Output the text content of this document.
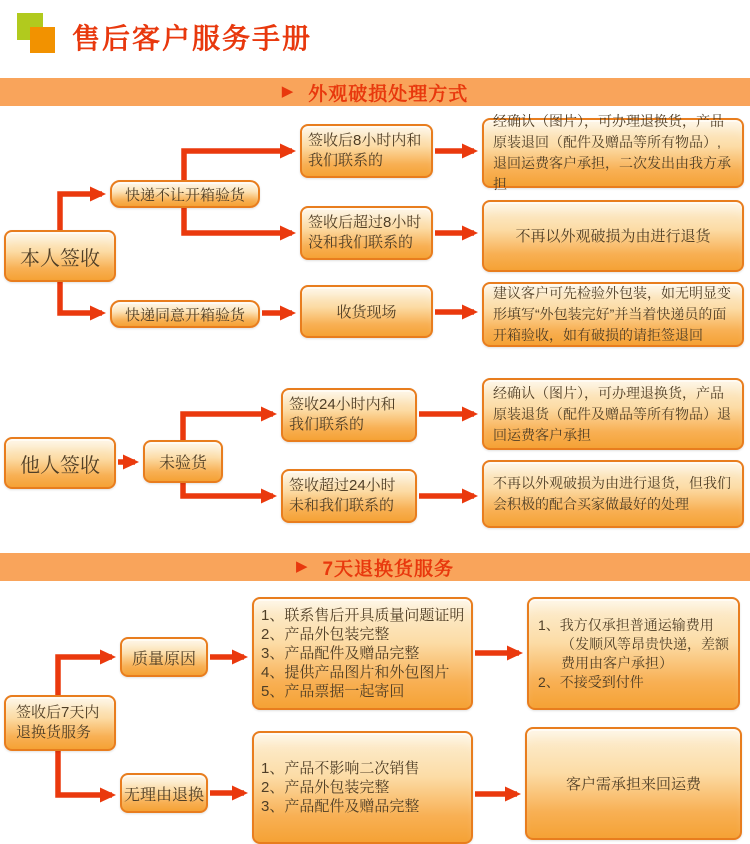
售后客户服务手册
▶ 外观破损处理方式
▶ 7天退换货服务
本人签收
快递不让开箱验货
快递同意开箱验货
签收后8小时内和我们联系的
签收后超过8小时没和我们联系的
收货现场
经确认（图片），可办理退换货，产品原装退回（配件及赠品等所有物品）,退回运费客户承担，二次发出由我方承担
不再以外观破损为由进行退货
建议客户可先检验外包装，如无明显变形填写“外包装完好”并当着快递员的面开箱验收，如有破损的请拒签退回
他人签收	未验货
签收24小时内和我们联系的
签收超过24小时未和我们联系的
经确认（图片），可办理退换货，产品原装退货（配件及赠品等所有物品）退回运费客户承担
不再以外观破损为由进行退货，但我们会积极的配合买家做最好的处理
签收后7天内退换货服务
质量原因
无理由退换
1、联系售后开具质量问题证明
2、产品外包装完整
3、产品配件及赠品完整
4、提供产品图片和外包图片
5、产品票据一起寄回
1、我方仅承担普通运输费用（发顺风等昂贵快递，差额费用由客户承担）
2、不接受到付件
1、产品不影响二次销售
2、产品外包装完整
3、产品配件及赠品完整
客户需承担来回运费
